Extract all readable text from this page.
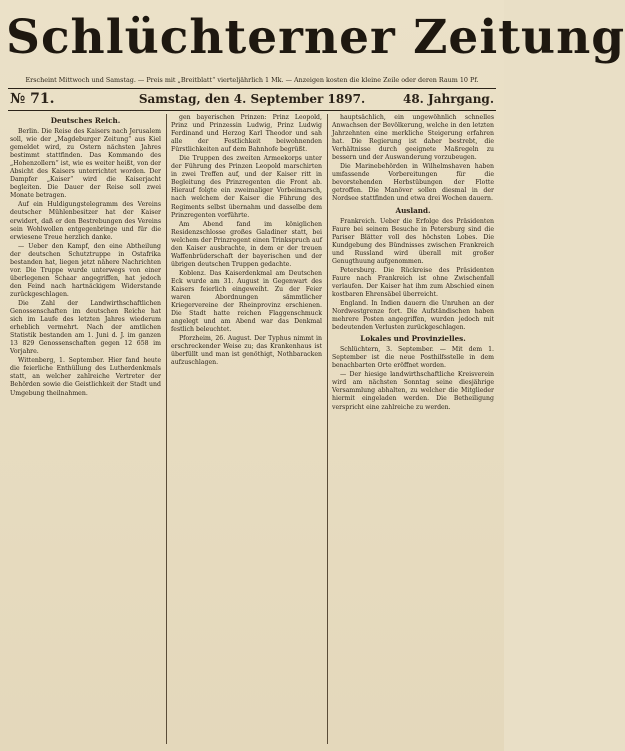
Schlüchterner Zeitung
Erscheint Mittwoch und Samstag. — Preis mit „Breitblatt“ vierteljährlich 1 Mk. — Anzeigen kosten die kleine Zeile oder deren Raum 10 Pf.
№ 71.	Samstag, den 4. September 1897.	48. Jahrgang.

Deutsches Reich.

Berlin. Die Reise des Kaisers nach Jerusalem soll, wie der „Magdeburger Zeitung“ aus Kiel gemeldet wird, zu Ostern nächsten Jahres bestimmt stattfinden. Das Kommando des „Hohenzollern“ ist, wie es weiter heißt, von der Absicht des Kaisers unterrichtet worden. Der Dampfer „Kaiser“ wird die Kaiserjacht begleiten. Die Dauer der Reise soll zwei Monate betragen.

Auf ein Huldigungstelegramm des Vereins deutscher Mühlenbesitzer hat der Kaiser erwidert, daß er den Bestrebungen des Vereins sein Wohlwollen entgegenbringe und für die erwiesene Treue herzlich danke.

— Ueber den Kampf, den eine Abtheilung der deutschen Schutztruppe in Ostafrika bestanden hat, liegen jetzt nähere Nachrichten vor. Die Truppe wurde unterwegs von einer überlegenen Schaar angegriffen, hat jedoch den Feind nach hartnäckigem Widerstande zurückgeschlagen.

Die Zahl der Landwirthschaftlichen Genossenschaften im deutschen Reiche hat sich im Laufe des letzten Jahres wiederum erheblich vermehrt. Nach der amtlichen Statistik bestanden am 1. Juni d. J. im ganzen 13 829 Genossenschaften gegen 12 658 im Vorjahre.

Wittenberg, 1. September. Hier fand heute die feierliche Enthüllung des Lutherdenkmals statt, an welcher zahlreiche Vertreter der Behörden sowie die Geistlichkeit der Stadt und Umgebung theilnahmen.

gen bayerischen Prinzen: Prinz Leopold, Prinz und Prinzessin Ludwig, Prinz Ludwig Ferdinand und Herzog Karl Theodor und sah alle der Festlichkeit beiwohnenden Fürstlichkeiten auf dem Bahnhofe begrüßt.

Die Truppen des zweiten Armeekorps unter der Führung des Prinzen Leopold marschirten in zwei Treffen auf, und der Kaiser ritt in Begleitung des Prinzregenten die Front ab. Hierauf folgte ein zweimaliger Vorbeimarsch, nach welchem der Kaiser die Führung des Regiments selbst übernahm und dasselbe dem Prinzregenten vorführte.

Am Abend fand im königlichen Residenzschlosse großes Galadiner statt, bei welchem der Prinzregent einen Trinkspruch auf den Kaiser ausbrachte, in dem er der treuen Waffenbrüderschaft der bayerischen und der übrigen deutschen Truppen gedachte.

Koblenz. Das Kaiserdenkmal am Deutschen Eck wurde am 31. August in Gegenwart des Kaisers feierlich eingeweiht. Zu der Feier waren Abordnungen sämmtlicher Kriegervereine der Rheinprovinz erschienen. Die Stadt hatte reichen Flaggenschmuck angelegt und am Abend war das Denkmal festlich beleuchtet.

Pforzheim, 26. August. Der Typhus nimmt in erschreckender Weise zu; das Krankenhaus ist überfüllt und man ist genöthigt, Nothbaracken aufzuschlagen.

hauptsächlich, ein ungewöhnlich schnelles Anwachsen der Bevölkerung, welche in den letzten Jahrzehnten eine merkliche Steigerung erfahren hat. Die Regierung ist daher bestrebt, die Verhältnisse durch geeignete Maßregeln zu bessern und der Auswanderung vorzubeugen.

Die Marinebehörden in Wilhelmshaven haben umfassende Vorbereitungen für die bevorstehenden Herbstübungen der Flotte getroffen. Die Manöver sollen diesmal in der Nordsee stattfinden und etwa drei Wochen dauern.

Ausland.

Frankreich. Ueber die Erfolge des Präsidenten Faure bei seinem Besuche in Petersburg sind die Pariser Blätter voll des höchsten Lobes. Die Kundgebung des Bündnisses zwischen Frankreich und Russland wird überall mit großer Genugthuung aufgenommen.

Petersburg. Die Rückreise des Präsidenten Faure nach Frankreich ist ohne Zwischenfall verlaufen. Der Kaiser hat ihm zum Abschied einen kostbaren Ehrensäbel überreicht.

England. In Indien dauern die Unruhen an der Nordwestgrenze fort. Die Aufständischen haben mehrere Posten angegriffen, wurden jedoch mit bedeutenden Verlusten zurückgeschlagen.

Lokales und Provinzielles.

Schlüchtern, 3. September. — Mit dem 1. September ist die neue Posthilfsstelle in dem benachbarten Orte eröffnet worden.

— Der hiesige landwirthschaftliche Kreisverein wird am nächsten Sonntag seine diesjährige Versammlung abhalten, zu welcher die Mitglieder hiermit eingeladen werden. Die Betheiligung verspricht eine zahlreiche zu werden.
